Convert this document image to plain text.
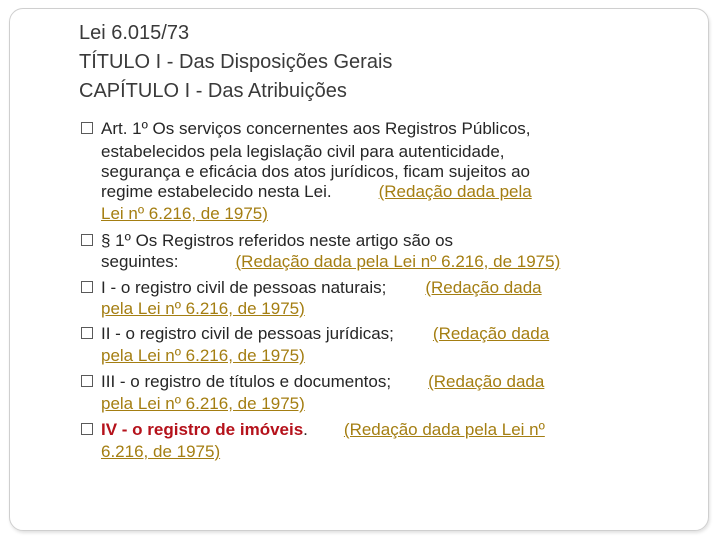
Lei 6.015/73
TÍTULO I - Das Disposições Gerais
CAPÍTULO I - Das Atribuições
Art. 1º Os serviços concernentes aos Registros Públicos,
estabelecidos pela legislação civil para autenticidade,
segurança e eficácia dos atos jurídicos, ficam sujeitos ao
regime estabelecido nesta Lei.	(Redação dada pela
Lei nº 6.216, de 1975)
§ 1º Os Registros referidos neste artigo são os
seguintes:	(Redação dada pela Lei nº 6.216, de 1975)
I - o registro civil de pessoas naturais; (Redação dada
pela Lei nº 6.216, de 1975)
II - o registro civil de pessoas jurídicas; (Redação dada
pela Lei nº 6.216, de 1975)
III - o registro de títulos e documentos; (Redação dada
pela Lei nº 6.216, de 1975)
IV - o registro de imóveis. (Redação dada pela Lei nº
6.216, de 1975)
